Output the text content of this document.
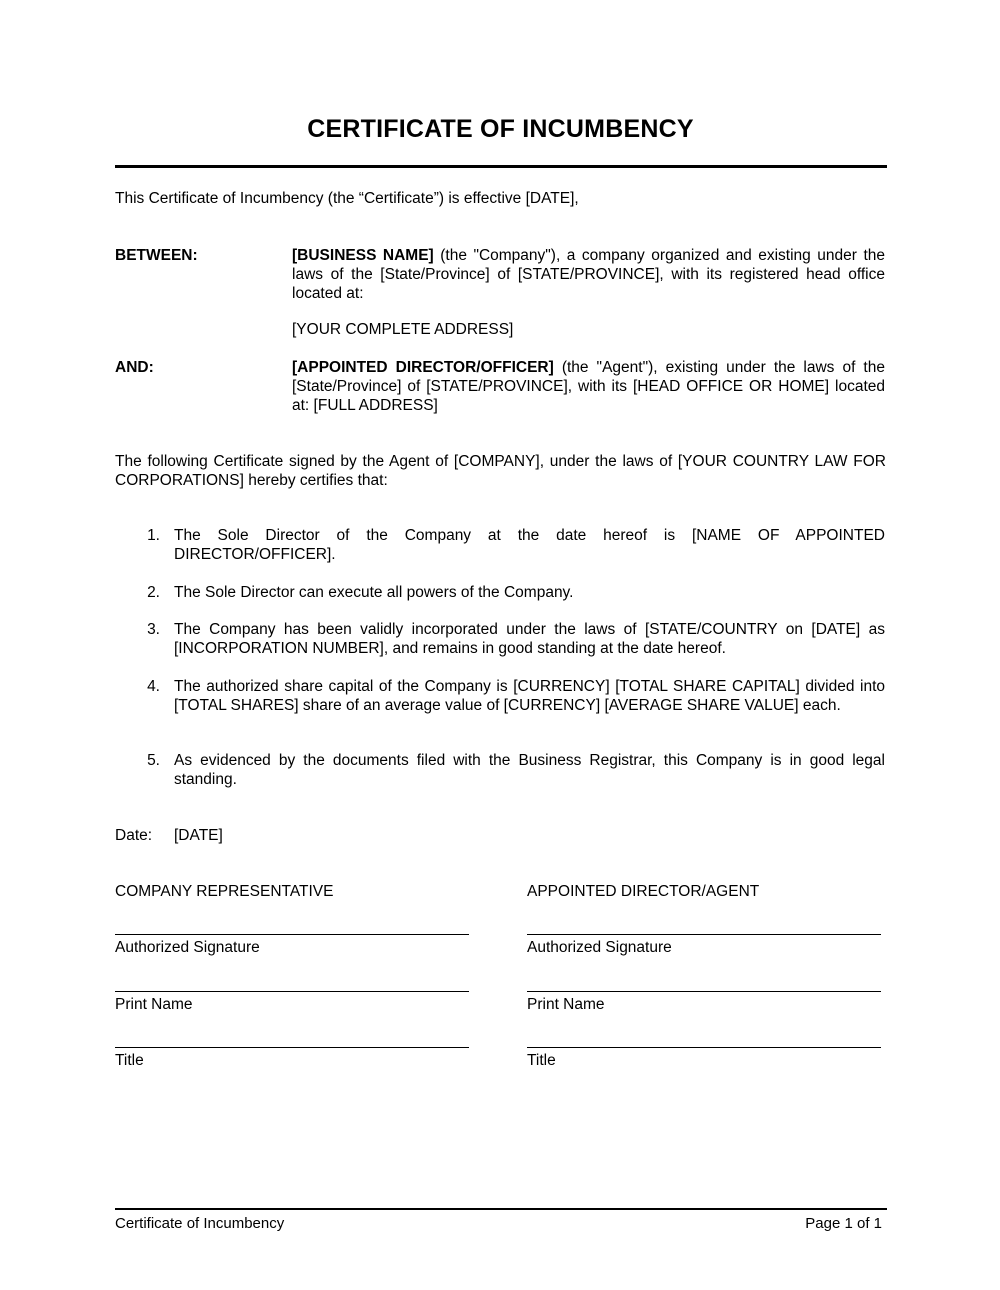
CERTIFICATE OF INCUMBENCY
This Certificate of Incumbency (the “Certificate”) is effective [DATE],
BETWEEN:	[BUSINESS NAME] (the "Company"), a company organized and existing under the laws of the [State/Province] of [STATE/PROVINCE], with its registered head office located at:
[YOUR COMPLETE ADDRESS]
AND:	[APPOINTED DIRECTOR/OFFICER] (the "Agent"), existing under the laws of the [State/Province] of [STATE/PROVINCE], with its [HEAD OFFICE OR HOME] located at: [FULL ADDRESS]
The following Certificate signed by the Agent of [COMPANY], under the laws of [YOUR COUNTRY LAW FOR CORPORATIONS] hereby certifies that:
1. The Sole Director of the Company at the date hereof is [NAME OF APPOINTED DIRECTOR/OFFICER].
2. The Sole Director can execute all powers of the Company.
3. The Company has been validly incorporated under the laws of [STATE/COUNTRY on [DATE] as [INCORPORATION NUMBER], and remains in good standing at the date hereof.
4. The authorized share capital of the Company is [CURRENCY] [TOTAL SHARE CAPITAL] divided into [TOTAL SHARES] share of an average value of [CURRENCY] [AVERAGE SHARE VALUE] each.
5. As evidenced by the documents filed with the Business Registrar, this Company is in good legal standing.
Date: [DATE]
COMPANY REPRESENTATIVE
Authorized Signature
Print Name
Title
APPOINTED DIRECTOR/AGENT
Authorized Signature
Print Name
Title
Certificate of Incumbency	Page 1 of 1
